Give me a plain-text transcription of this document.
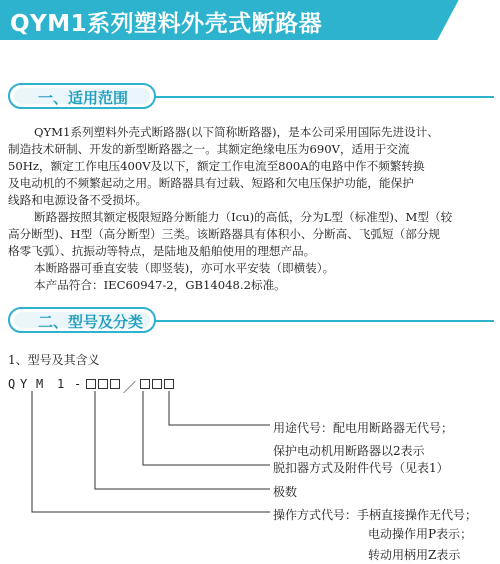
QYM1系列塑料外壳式断路器
一、适用范围
QYM1系列塑料外壳式断路器(以下简称断路器)，是本公司采用国际先进设计、
制造技术研制、开发的新型断路器之一。其额定绝缘电压为690V，适用于交流
50Hz，额定工作电压400V及以下，额定工作电流至800A的电路中作不频繁转换
及电动机的不频繁起动之用。断路器具有过载、短路和欠电压保护功能，能保护
线路和电源设备不受损坏。
断路器按照其额定极限短路分断能力（Icu)的高低，分为L型（标准型)、M型（较
高分断型)、H型（高分断型）三类。该断路器具有体积小、分断高、飞弧短（部分规
格零飞弧）、抗振动等特点，是陆地及船舶使用的理想产品。
本断路器可垂直安装（即竖装)，亦可水平安装（即横装）。
本产品符合：IEC60947-2，GB14048.2标准。
二、型号及分类
1、型号及其含义
Q Y M 1 -	／
用途代号：配电用断路器无代号；
保护电动机用断路器以2表示
脱扣器方式及附件代号（见表1）
极数
操作方式代号：手柄直接操作无代号；
电动操作用P表示；
转动用柄用Z表示
